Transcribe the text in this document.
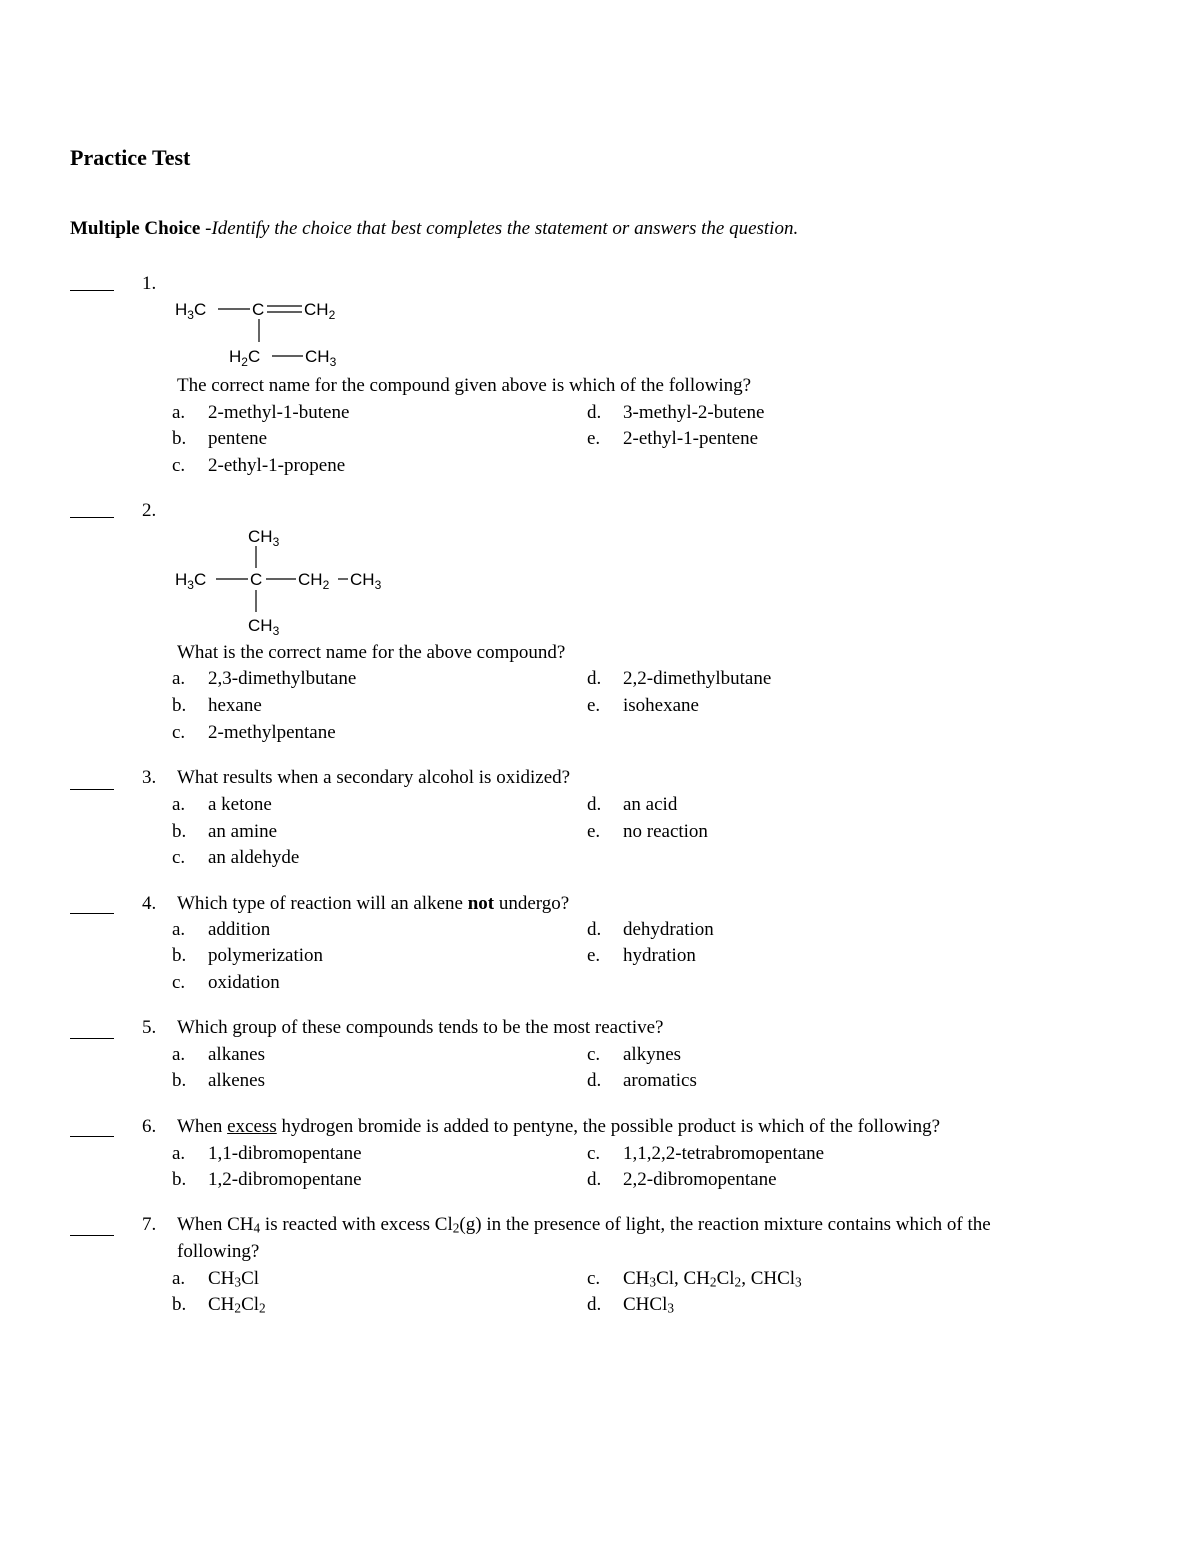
Practice Test
Multiple Choice -Identify the choice that best completes the statement or answers the question.
1.
$H_3C$	C $CH_2$
$H_2C$	$CH_3$
The correct name for the compound given above is which of the following?
a. 2-methyl-1-butene
b. pentene
c. 2-ethyl-1-propene
d. 3-methyl-2-butene
e. 2-ethyl-1-pentene
2.
$CH_3$
$H_3C$	C $CH_2$ $CH_3$
$CH_3$
What is the correct name for the above compound?
a. 2,3-dimethylbutane
b. hexane
c. 2-methylpentane
d. 2,2-dimethylbutane
e. isohexane
3.	What results when a secondary alcohol is oxidized?
a. a ketone
b. an amine
c. an aldehyde
d. an acid
e. no reaction
4.	Which type of reaction will an alkene not undergo?
a. addition
b. polymerization
c. oxidation
d. dehydration
e. hydration
5.	Which group of these compounds tends to be the most reactive?
a. alkanes
b. alkenes
c. alkynes
d. aromatics
6.	When excess hydrogen bromide is added to pentyne, the possible product is which of the following?
a. 1,1-dibromopentane
b. 1,2-dibromopentane
c. 1,1,2,2-tetrabromopentane
d. 2,2-dibromopentane
7.	When $CH_4$ is reacted with excess $Cl_2(g)$ in the presence of light, the reaction mixture contains which of the
following?
a. $CH_3Cl$
b. $CH_2Cl_2$
c. $CH_3Cl$, $CH_2Cl_2$, CHCl$_3$
d. CHCl$_3$
